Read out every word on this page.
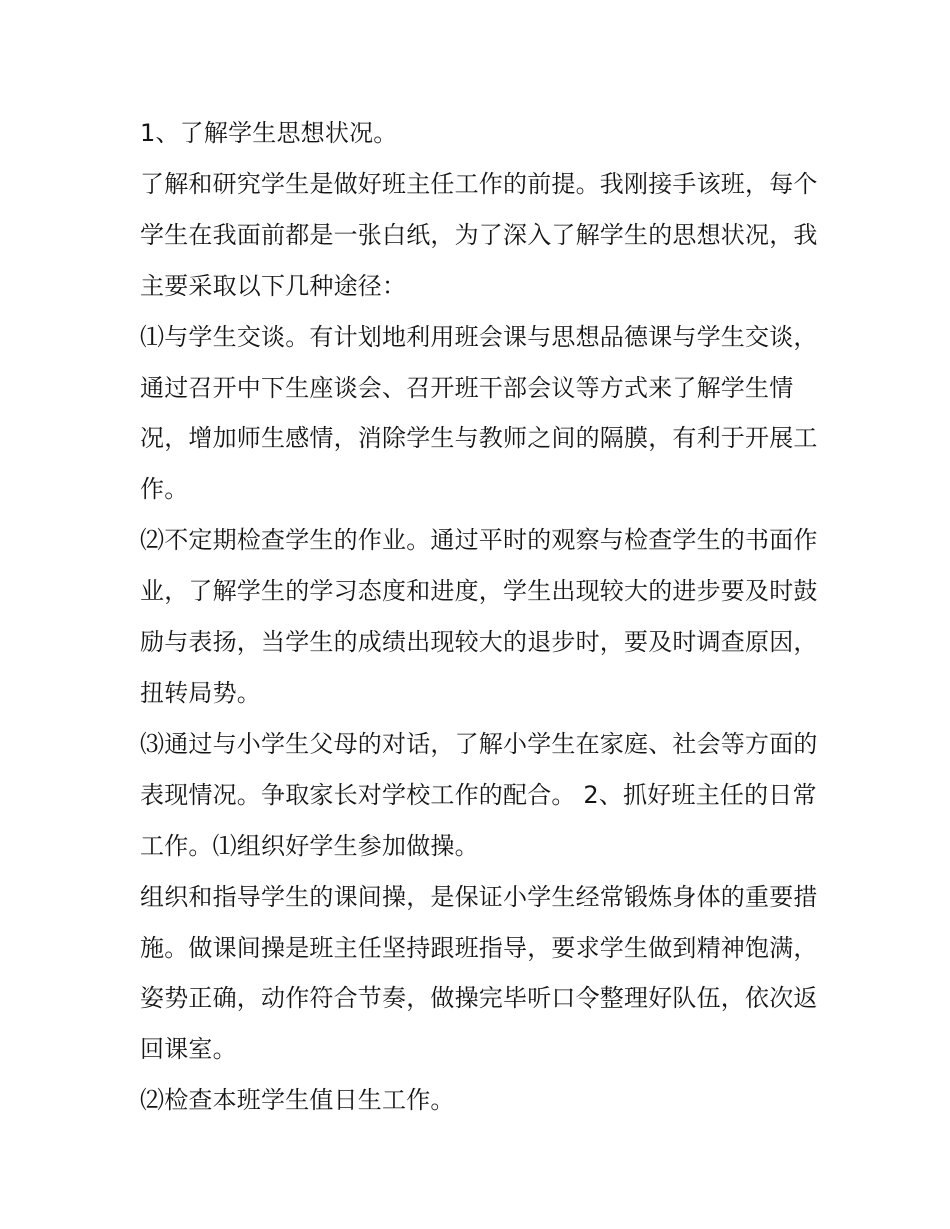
1、了解学生思想状况。

了解和研究学生是做好班主任工作的前提。我刚接手该班，每个学生在我面前都是一张白纸，为了深入了解学生的思想状况，我主要采取以下几种途径：

⑴与学生交谈。有计划地利用班会课与思想品德课与学生交谈，通过召开中下生座谈会、召开班干部会议等方式来了解学生情况，增加师生感情，消除学生与教师之间的隔膜，有利于开展工作。

⑵不定期检查学生的作业。通过平时的观察与检查学生的书面作业，了解学生的学习态度和进度，学生出现较大的进步要及时鼓励与表扬，当学生的成绩出现较大的退步时，要及时调查原因，扭转局势。

⑶通过与小学生父母的对话，了解小学生在家庭、社会等方面的表现情况。争取家长对学校工作的配合。 2、抓好班主任的日常工作。⑴组织好学生参加做操。

组织和指导学生的课间操，是保证小学生经常锻炼身体的重要措施。做课间操是班主任坚持跟班指导，要求学生做到精神饱满，姿势正确，动作符合节奏，做操完毕听口令整理好队伍，依次返回课室。

⑵检查本班学生值日生工作。
